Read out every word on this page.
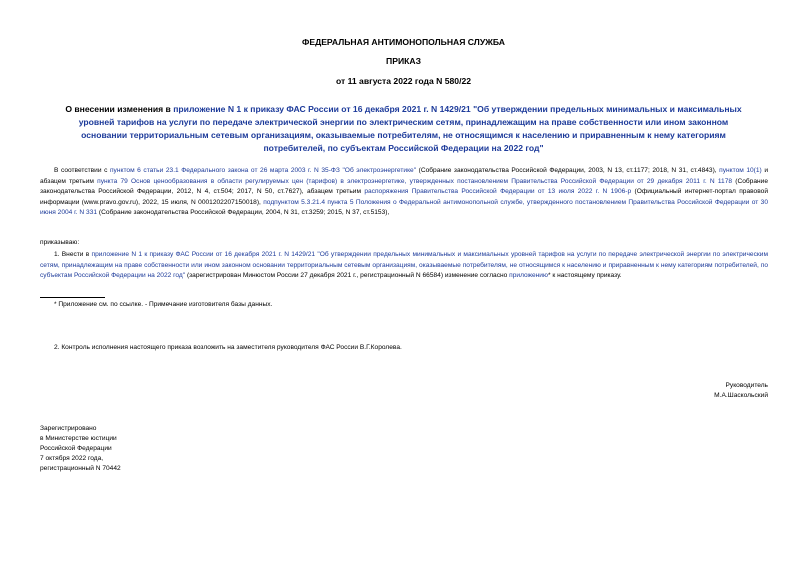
ФЕДЕРАЛЬНАЯ АНТИМОНОПОЛЬНАЯ СЛУЖБА
ПРИКАЗ
от 11 августа 2022 года N 580/22
О внесении изменения в приложение N 1 к приказу ФАС России от 16 декабря 2021 г. N 1429/21 "Об утверждении предельных минимальных и максимальных уровней тарифов на услуги по передаче электрической энергии по электрическим сетям, принадлежащим на праве собственности или ином законном основании территориальным сетевым организациям, оказываемые потребителям, не относящимся к населению и приравненным к нему категориям потребителей, по субъектам Российской Федерации на 2022 год"
В соответствии с пунктом 6 статьи 23.1 Федерального закона от 26 марта 2003 г. N 35-ФЗ "Об электроэнергетике" (Собрание законодательства Российской Федерации, 2003, N 13, ст.1177; 2018, N 31, ст.4843), пунктом 10(1) и абзацем третьим пункта 79 Основ ценообразования в области регулируемых цен (тарифов) в электроэнергетике, утвержденных постановлением Правительства Российской Федерации от 29 декабря 2011 г. N 1178 (Собрание законодательства Российской Федерации, 2012, N 4, ст.504; 2017, N 50, ст.7627), абзацем третьим распоряжения Правительства Российской Федерации от 13 июля 2022 г. N 1906-р (Официальный интернет-портал правовой информации (www.pravo.gov.ru), 2022, 15 июля, N 0001202207150018), подпунктом 5.3.21.4 пункта 5 Положения о Федеральной антимонопольной службе, утвержденного постановлением Правительства Российской Федерации от 30 июня 2004 г. N 331 (Собрание законодательства Российской Федерации, 2004, N 31, ст.3259; 2015, N 37, ст.5153),
приказываю:
1. Внести в приложение N 1 к приказу ФАС России от 16 декабря 2021 г. N 1429/21 "Об утверждении предельных минимальных и максимальных уровней тарифов на услуги по передаче электрической энергии по электрическим сетям, принадлежащим на праве собственности или ином законном основании территориальным сетевым организациям, оказываемые потребителям, не относящимся к населению и приравненным к нему категориям потребителей, по субъектам Российской Федерации на 2022 год" (зарегистрирован Минюстом России 27 декабря 2021 г., регистрационный N 66584) изменение согласно приложению* к настоящему приказу.
* Приложение см. по ссылке. - Примечание изготовителя базы данных.
2. Контроль исполнения настоящего приказа возложить на заместителя руководителя ФАС России В.Г.Королева.
Руководитель
М.А.Шаскольский
Зарегистрировано
в Министерстве юстиции
Российской Федерации
7 октября 2022 года,
регистрационный N 70442
